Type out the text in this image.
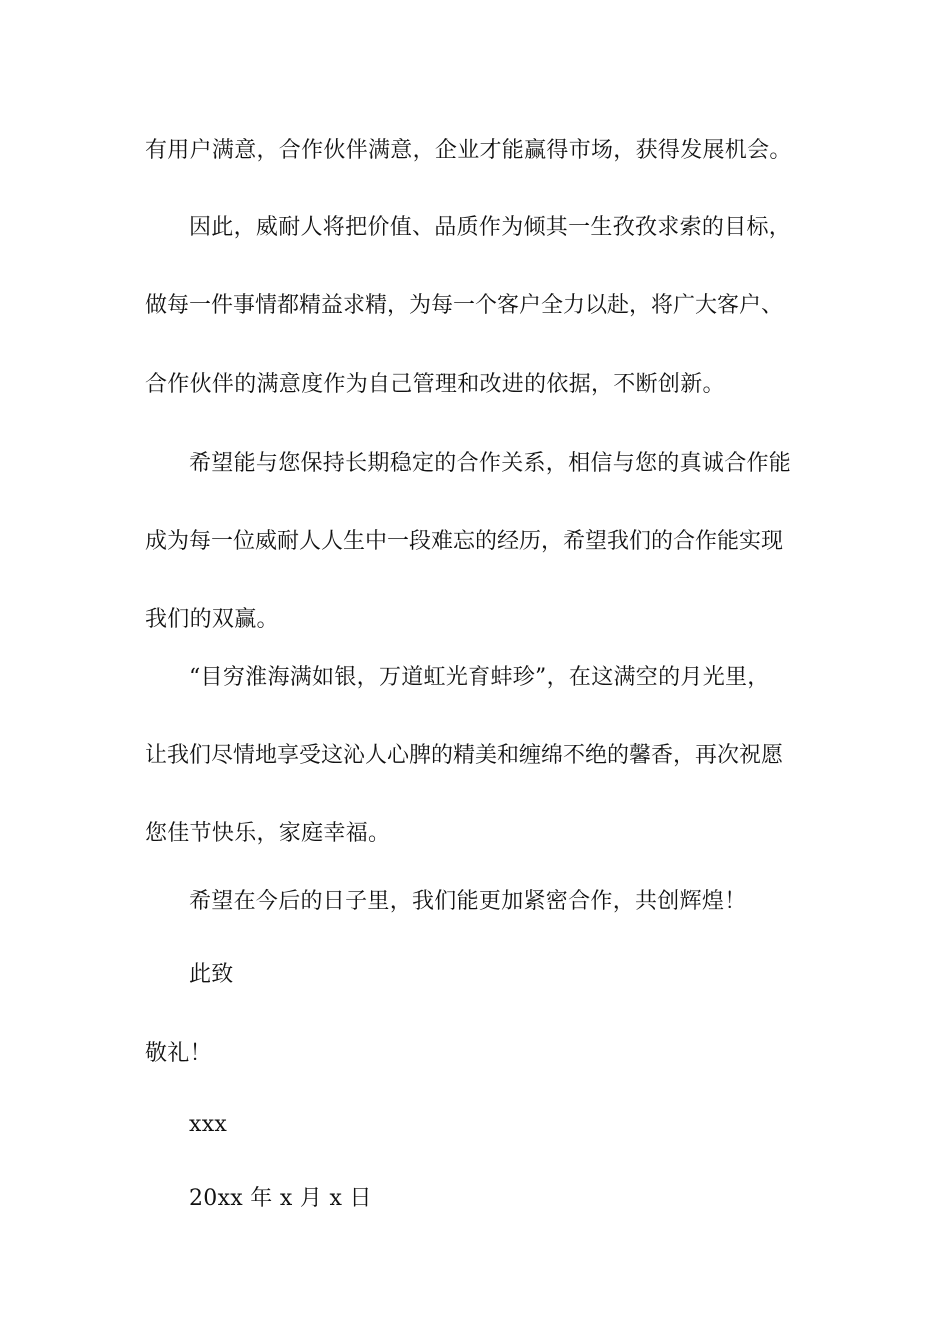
有用户满意，合作伙伴满意，企业才能赢得市场，获得发展机会。
因此，威耐人将把价值、品质作为倾其一生孜孜求索的目标，
做每一件事情都精益求精，为每一个客户全力以赴，将广大客户、
合作伙伴的满意度作为自己管理和改进的依据，不断创新。
希望能与您保持长期稳定的合作关系，相信与您的真诚合作能
成为每一位威耐人人生中一段难忘的经历，希望我们的合作能实现
我们的双赢。
“目穷淮海满如银，万道虹光育蚌珍”，在这满空的月光里，
让我们尽情地享受这沁人心脾的精美和缠绵不绝的馨香，再次祝愿
您佳节快乐，家庭幸福。
希望在今后的日子里，我们能更加紧密合作，共创辉煌！
此致
敬礼！
xxx
20xx 年 x 月 x 日
